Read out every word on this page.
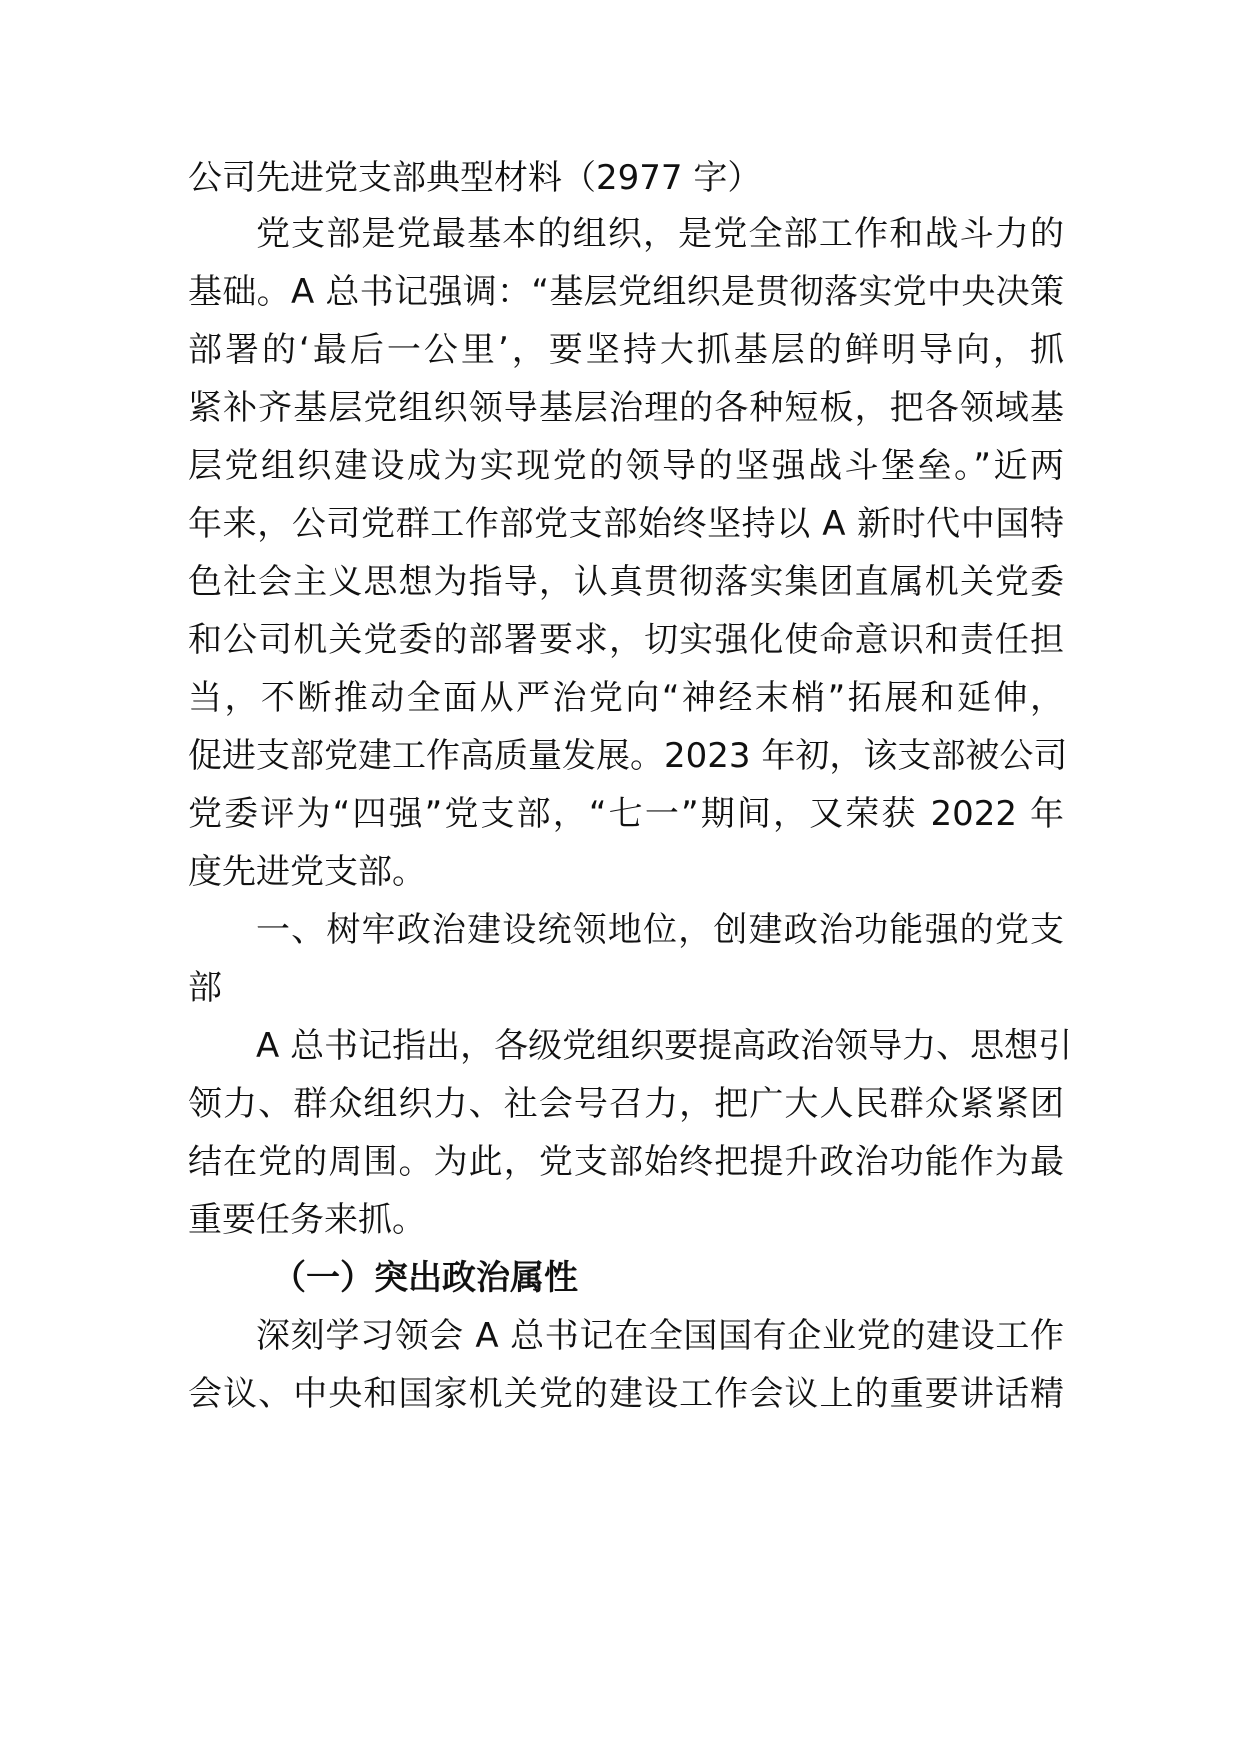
公司先进党支部典型材料（2977 字）
党支部是党最基本的组织，是党全部工作和战斗力的
基础。A 总书记强调：“基层党组织是贯彻落实党中央决策
部署的‘最后一公里’，要坚持大抓基层的鲜明导向，抓
紧补齐基层党组织领导基层治理的各种短板，把各领域基
层党组织建设成为实现党的领导的坚强战斗堡垒。”近两
年来，公司党群工作部党支部始终坚持以 A 新时代中国特
色社会主义思想为指导，认真贯彻落实集团直属机关党委
和公司机关党委的部署要求，切实强化使命意识和责任担
当，不断推动全面从严治党向“神经末梢”拓展和延伸，
促进支部党建工作高质量发展。2023 年初，该支部被公司
党委评为“四强”党支部，“七一”期间，又荣获 2022 年
度先进党支部。
一、树牢政治建设统领地位，创建政治功能强的党支
部
A 总书记指出，各级党组织要提高政治领导力、思想引
领力、群众组织力、社会号召力，把广大人民群众紧紧团
结在党的周围。为此，党支部始终把提升政治功能作为最
重要任务来抓。
（一）突出政治属性
深刻学习领会 A 总书记在全国国有企业党的建设工作
会议、中央和国家机关党的建设工作会议上的重要讲话精
